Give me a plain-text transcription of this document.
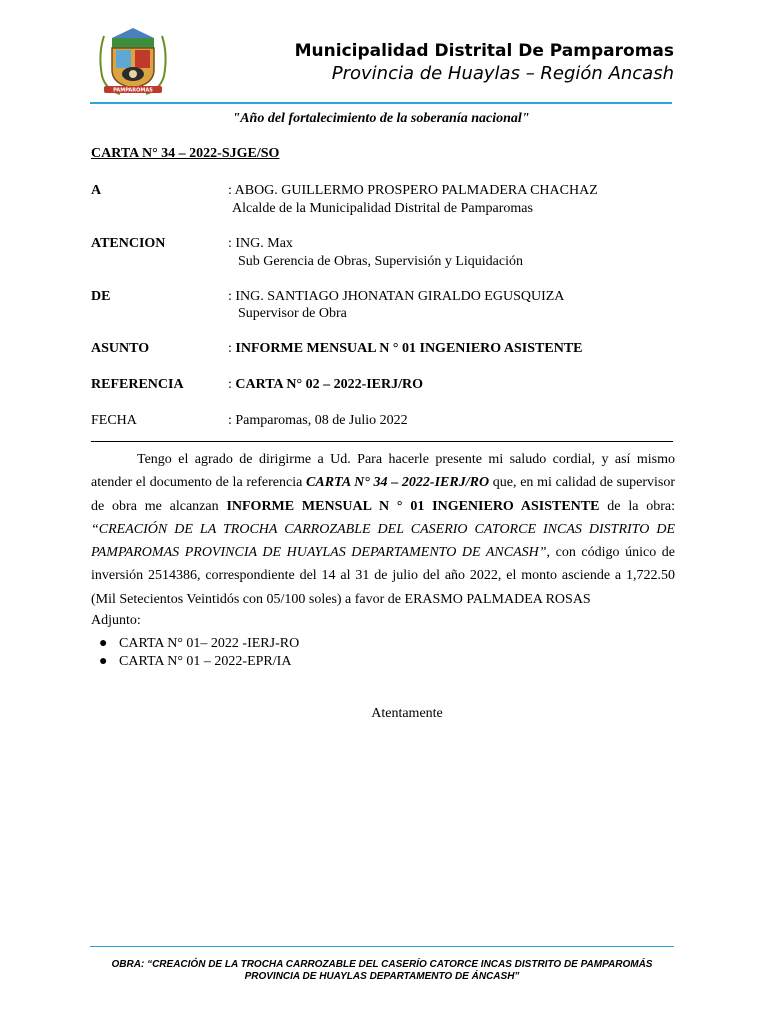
PAMPAROMAS
Municipalidad Distrital De Pamparomas
Provincia de Huaylas – Región Ancash
"Año del fortalecimiento de la soberanía nacional"
CARTA N° 34 – 2022-SJGE/SO
A	: ABOG. GUILLERMO PROSPERO PALMADERA CHACHAZ
Alcalde de la Municipalidad Distrital de Pamparomas
ATENCION	: ING. Max
Sub Gerencia de Obras, Supervisión y Liquidación
DE	: ING. SANTIAGO JHONATAN GIRALDO EGUSQUIZA
Supervisor de Obra
ASUNTO	: INFORME MENSUAL N ° 01 INGENIERO ASISTENTE
REFERENCIA	: CARTA N° 02 – 2022-IERJ/RO
FECHA	: Pamparomas, 08 de Julio 2022
Tengo el agrado de dirigirme a Ud. Para hacerle presente mi saludo cordial, y así mismo atender el documento de la referencia CARTA N° 34 – 2022-IERJ/RO que, en mi calidad de supervisor de obra me alcanzan INFORME MENSUAL N ° 01 INGENIERO ASISTENTE de la obra: “CREACIÓN DE LA TROCHA CARROZABLE DEL CASERIO CATORCE INCAS DISTRITO DE PAMPAROMAS PROVINCIA DE HUAYLAS DEPARTAMENTO DE ANCASH”, con código único de inversión 2514386, correspondiente del 14 al 31 de julio del año 2022, el monto asciende a 1,722.50 (Mil Setecientos Veintidós con 05/100 soles) a favor de ERASMO PALMADEA ROSAS
Adjunto:
● CARTA N° 01– 2022 -IERJ-RO
● CARTA N° 01 – 2022-EPR/IA
Atentamente
OBRA: “CREACIÓN DE LA TROCHA CARROZABLE DEL CASERÍO CATORCE INCAS DISTRITO DE PAMPAROMÁS
PROVINCIA DE HUAYLAS DEPARTAMENTO DE ÁNCASH”
